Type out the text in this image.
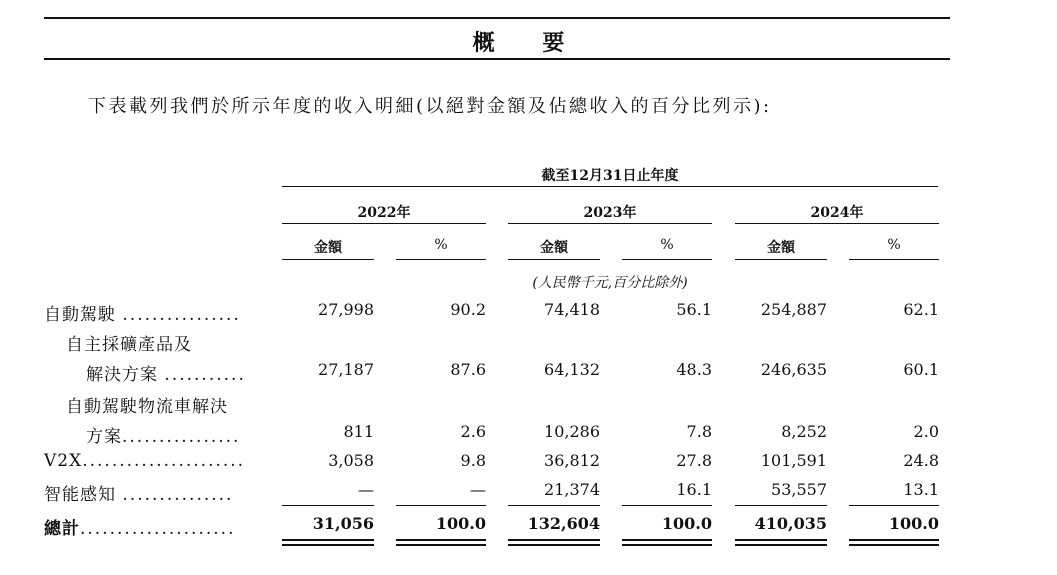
概 要
下表載列我們於所示年度的收入明細(以絕對金額及佔總收入的百分比列示):
截至12月31日止年度
2022年	2023年	2024年
金額	%	金額	%	金額	%
(人民幣千元,百分比除外)
自動駕駛 ................	27,998	90.2	74,418	56.1	254,887	62.1
自主採礦產品及
解決方案 ...........	27,187	87.6	64,132	48.3	246,635	60.1
自動駕駛物流車解決
方案................	811	2.6	10,286	7.8	8,252	2.0
V2X......................	3,058	9.8	36,812	27.8	101,591	24.8
智能感知 ...............	—	—	21,374	16.1	53,557	13.1
總計.....................	31,056	100.0	132,604	100.0	410,035	100.0
